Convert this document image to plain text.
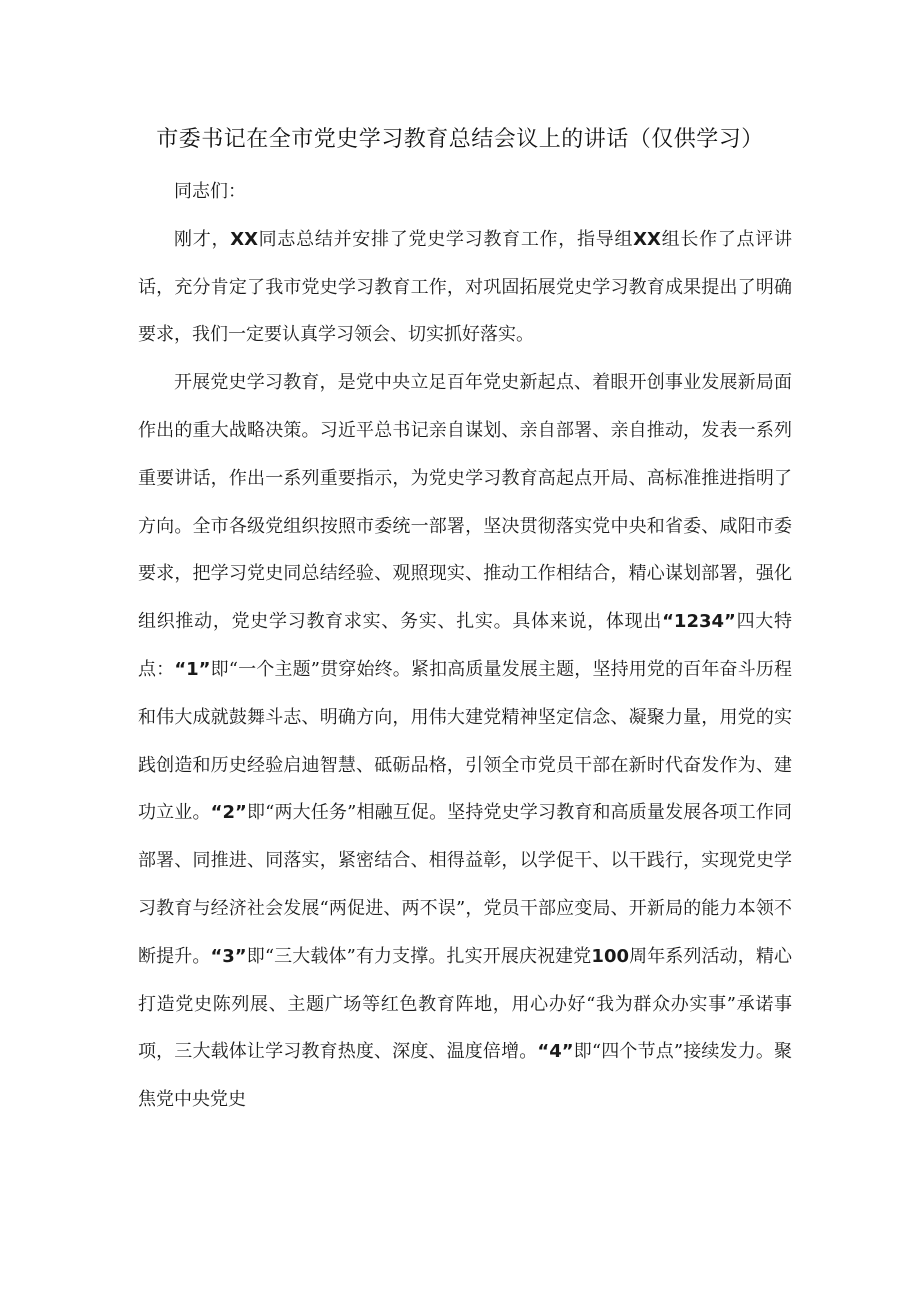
市委书记在全市党史学习教育总结会议上的讲话（仅供学习）

同志们：

刚才，XX同志总结并安排了党史学习教育工作，指导组XX组长作了点评讲话，充分肯定了我市党史学习教育工作，对巩固拓展党史学习教育成果提出了明确要求，我们一定要认真学习领会、切实抓好落实。

开展党史学习教育，是党中央立足百年党史新起点、着眼开创事业发展新局面作出的重大战略决策。习近平总书记亲自谋划、亲自部署、亲自推动，发表一系列重要讲话，作出一系列重要指示，为党史学习教育高起点开局、高标准推进指明了方向。全市各级党组织按照市委统一部署，坚决贯彻落实党中央和省委、咸阳市委要求，把学习党史同总结经验、观照现实、推动工作相结合，精心谋划部署，强化组织推动，党史学习教育求实、务实、扎实。具体来说，体现出“1234”四大特点：“1”即“一个主题”贯穿始终。紧扣高质量发展主题，坚持用党的百年奋斗历程和伟大成就鼓舞斗志、明确方向，用伟大建党精神坚定信念、凝聚力量，用党的实践创造和历史经验启迪智慧、砥砺品格，引领全市党员干部在新时代奋发作为、建功立业。“2”即“两大任务”相融互促。坚持党史学习教育和高质量发展各项工作同部署、同推进、同落实，紧密结合、相得益彰，以学促干、以干践行，实现党史学习教育与经济社会发展“两促进、两不误”，党员干部应变局、开新局的能力本领不断提升。“3”即“三大载体”有力支撑。扎实开展庆祝建党100周年系列活动，精心打造党史陈列展、主题广场等红色教育阵地，用心办好“我为群众办实事”承诺事项，三大载体让学习教育热度、深度、温度倍增。“4”即“四个节点”接续发力。聚焦党中央党史
